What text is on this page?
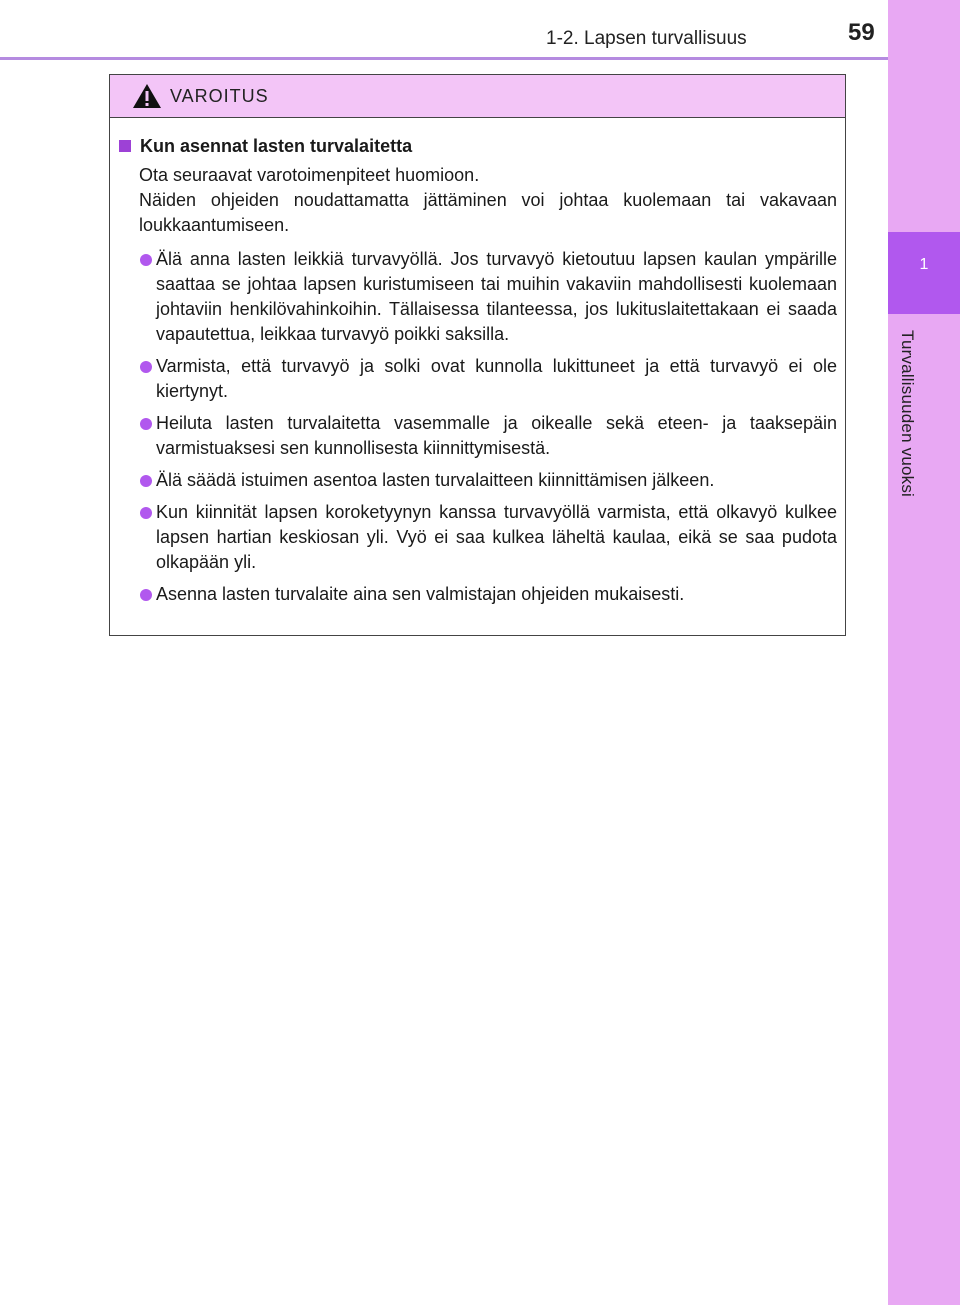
1-2. Lapsen turvallisuus	59
1
Turvallisuuden vuoksi
VAROITUS
Kun asennat lasten turvalaitetta
Ota seuraavat varotoimenpiteet huomioon.
Näiden ohjeiden noudattamatta jättäminen voi johtaa kuolemaan tai vakavaan loukkaantumiseen.
Älä anna lasten leikkiä turvavyöllä. Jos turvavyö kietoutuu lapsen kaulan ympärille saattaa se johtaa lapsen kuristumiseen tai muihin vakaviin mahdollisesti kuolemaan johtaviin henkilövahinkoihin. Tällaisessa tilanteessa, jos lukituslaitettakaan ei saada vapautettua, leikkaa turvavyö poikki saksilla.
Varmista, että turvavyö ja solki ovat kunnolla lukittuneet ja että turvavyö ei ole kiertynyt.
Heiluta lasten turvalaitetta vasemmalle ja oikealle sekä eteen- ja taaksepäin varmistuaksesi sen kunnollisesta kiinnittymisestä.
Älä säädä istuimen asentoa lasten turvalaitteen kiinnittämisen jälkeen.
Kun kiinnität lapsen koroketyynyn kanssa turvavyöllä varmista, että olkavyö kulkee lapsen hartian keskiosan yli. Vyö ei saa kulkea läheltä kaulaa, eikä se saa pudota olkapään yli.
Asenna lasten turvalaite aina sen valmistajan ohjeiden mukaisesti.
